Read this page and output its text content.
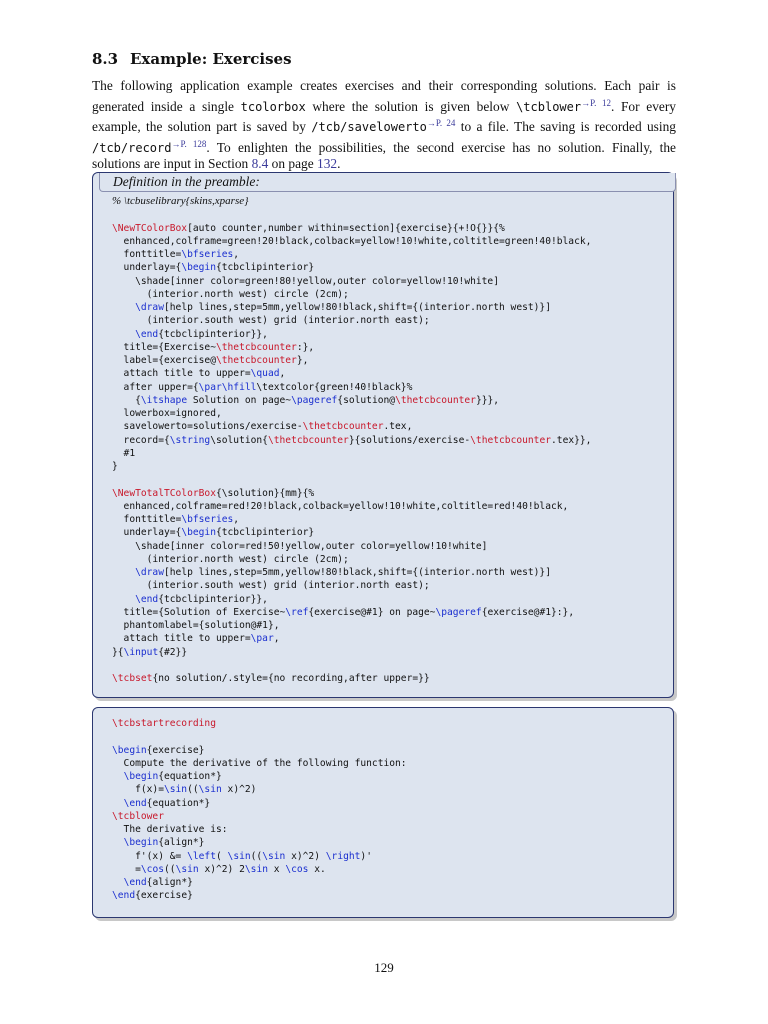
8.3 Example: Exercises

The following application example creates exercises and their corresponding solutions. Each pair is generated inside a single tcolorbox where the solution is given below \tcblower$^{\to P. 12}$. For every example, the solution part is saved by /tcb/savelowerto$^{\to P. 24}$ to a file. The saving is recorded using /tcb/record$^{\to P. 128}$. To enlighten the possibilities, the second exercise has no solution. Finally, the solutions are input in Section 8.4 on page 132.

Definition in the preamble:
% \tcbuselibrary{skins,xparse}
\NewTColorBox[auto counter,number within=section]{exercise}{+!O{}}{%
enhanced,colframe=green!20!black,colback=yellow!10!white,coltitle=green!40!black,
fonttitle=\bfseries,
underlay={\begin{tcbclipinterior}
\shade[inner color=green!80!yellow,outer color=yellow!10!white]
(interior.north west) circle (2cm);
\draw[help lines,step=5mm,yellow!80!black,shift={(interior.north west)}]
(interior.south west) grid (interior.north east);
\end{tcbclipinterior}},
title={Exercise~\thetcbcounter:},
label={exercise@\thetcbcounter},
attach title to upper=\quad,
after upper={\par\hfill\textcolor{green!40!black}%
{\itshape Solution on page~\pageref{solution@\thetcbcounter}}},
lowerbox=ignored,
savelowerto=solutions/exercise-\thetcbcounter.tex,
record={\string\solution{\thetcbcounter}{solutions/exercise-\thetcbcounter.tex}},
#1
}
\NewTotalTColorBox{\solution}{mm}{%
enhanced,colframe=red!20!black,colback=yellow!10!white,coltitle=red!40!black,
fonttitle=\bfseries,
underlay={\begin{tcbclipinterior}
\shade[inner color=red!50!yellow,outer color=yellow!10!white]
(interior.north west) circle (2cm);
\draw[help lines,step=5mm,yellow!80!black,shift={(interior.north west)}]
(interior.south west) grid (interior.north east);
\end{tcbclipinterior}},
title={Solution of Exercise~\ref{exercise@#1} on page~\pageref{exercise@#1}:},
phantomlabel={solution@#1},
attach title to upper=\par,
}{\input{#2}}
\tcbset{no solution/.style={no recording,after upper=}}
\tcbstartrecording
\begin{exercise}
Compute the derivative of the following function:
\begin{equation*}
f(x)=\sin((\sin x)^2)
\end{equation*}
\tcblower
The derivative is:
\begin{align*}
f'(x) &= \left( \sin((\sin x)^2) \right)'
=\cos((\sin x)^2) 2\sin x \cos x.
\end{align*}
\end{exercise}
129
